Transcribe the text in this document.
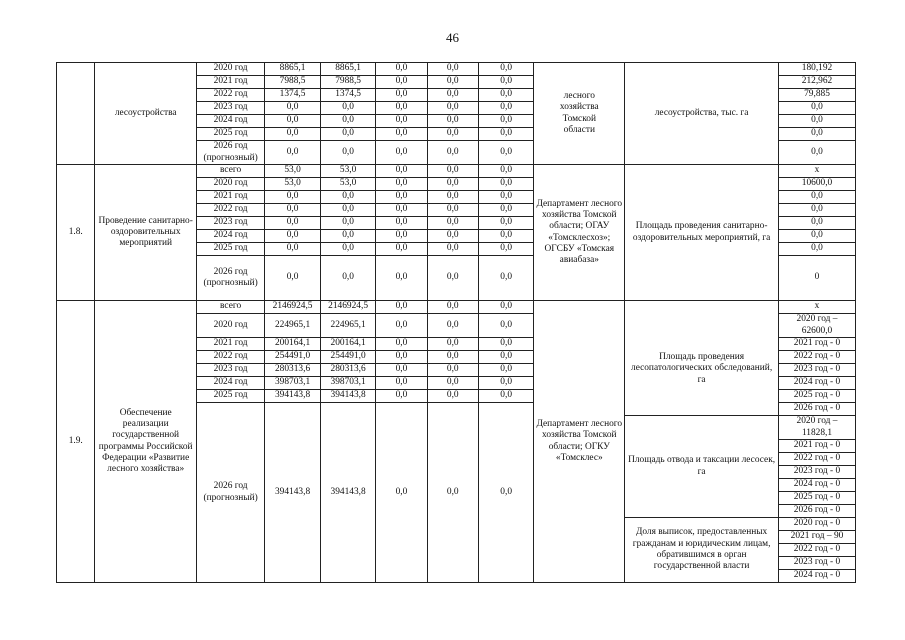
46
	лесоустройства	2020 год	8865,1	8865,1	0,0	0,0	0,0	лесного
хозяйства
Томской
области	лесоустройства, тыс. га	180,192
		2021 год	7988,5	7988,5	0,0	0,0	0,0			212,962
		2022 год	1374,5	1374,5	0,0	0,0	0,0			79,885
		2023 год	0,0	0,0	0,0	0,0	0,0			0,0
		2024 год	0,0	0,0	0,0	0,0	0,0			0,0
		2025 год	0,0	0,0	0,0	0,0	0,0			0,0
		2026 год
(прогнозный)	0,0	0,0	0,0	0,0	0,0			0,0
1.8.	Проведение санитарно-оздоровительных мероприятий	всего	53,0	53,0	0,0	0,0	0,0	Департамент лесного хозяйства Томской области; ОГАУ «Томсклесхоз»; ОГСБУ «Томская авиабаза»	Площадь проведения санитарно-оздоровительных мероприятий, га	х
		2020 год	53,0	53,0	0,0	0,0	0,0			10600,0
		2021 год	0,0	0,0	0,0	0,0	0,0			0,0
		2022 год	0,0	0,0	0,0	0,0	0,0			0,0
		2023 год	0,0	0,0	0,0	0,0	0,0			0,0
		2024 год	0,0	0,0	0,0	0,0	0,0			0,0
		2025 год	0,0	0,0	0,0	0,0	0,0			0,0
		2026 год
(прогнозный)	0,0	0,0	0,0	0,0	0,0			0
1.9.	Обеспечение реализации государственной программы Российской Федерации «Развитие лесного хозяйства»	всего	2146924,5	2146924,5	0,0	0,0	0,0	Департамент лесного хозяйства Томской области; ОГКУ «Томсклес»	Площадь проведения лесопатологических обследований, га	х
		2020 год	224965,1	224965,1	0,0	0,0	0,0			2020 год – 62600,0
		2021 год	200164,1	200164,1	0,0	0,0	0,0			2021 год - 0
		2022 год	254491,0	254491,0	0,0	0,0	0,0			2022 год - 0
		2023 год	280313,6	280313,6	0,0	0,0	0,0			2023 год - 0
		2024 год	398703,1	398703,1	0,0	0,0	0,0			2024 год - 0
		2025 год	394143,8	394143,8	0,0	0,0	0,0			2025 год - 0
		2026 год
(прогнозный)	394143,8	394143,8	0,0	0,0	0,0			2026 год - 0
									Площадь отвода и таксации лесосек, га	2020 год – 11828,1
										2021 год - 0
										2022 год - 0
										2023 год - 0
										2024 год - 0
										2025 год - 0
										2026 год - 0
									Доля выписок, предоставленных гражданам и юридическим лицам, обратившимся в орган государственной власти	2020 год - 0
										2021 год – 90
										2022 год - 0
										2023 год - 0
										2024 год - 0
